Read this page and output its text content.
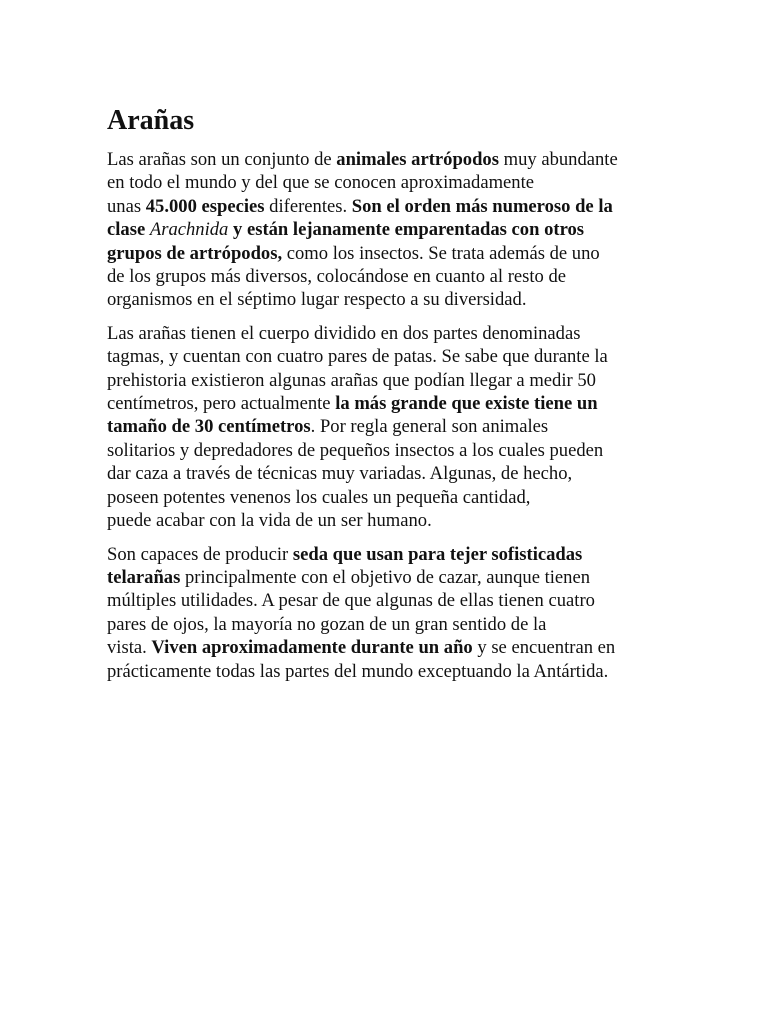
Arañas

Las arañas son un conjunto de animales artrópodos muy abundante
en todo el mundo y del que se conocen aproximadamente
unas 45.000 especies diferentes. Son el orden más numeroso de la
clase Arachnida y están lejanamente emparentadas con otros
grupos de artrópodos, como los insectos. Se trata además de uno
de los grupos más diversos, colocándose en cuanto al resto de
organismos en el séptimo lugar respecto a su diversidad.

Las arañas tienen el cuerpo dividido en dos partes denominadas
tagmas, y cuentan con cuatro pares de patas. Se sabe que durante la
prehistoria existieron algunas arañas que podían llegar a medir 50
centímetros, pero actualmente la más grande que existe tiene un
tamaño de 30 centímetros. Por regla general son animales
solitarios y depredadores de pequeños insectos a los cuales pueden
dar caza a través de técnicas muy variadas. Algunas, de hecho,
poseen potentes venenos los cuales un pequeña cantidad,
puede acabar con la vida de un ser humano.

Son capaces de producir seda que usan para tejer sofisticadas
telarañas principalmente con el objetivo de cazar, aunque tienen
múltiples utilidades. A pesar de que algunas de ellas tienen cuatro
pares de ojos, la mayoría no gozan de un gran sentido de la
vista. Viven aproximadamente durante un año y se encuentran en
prácticamente todas las partes del mundo exceptuando la Antártida.
